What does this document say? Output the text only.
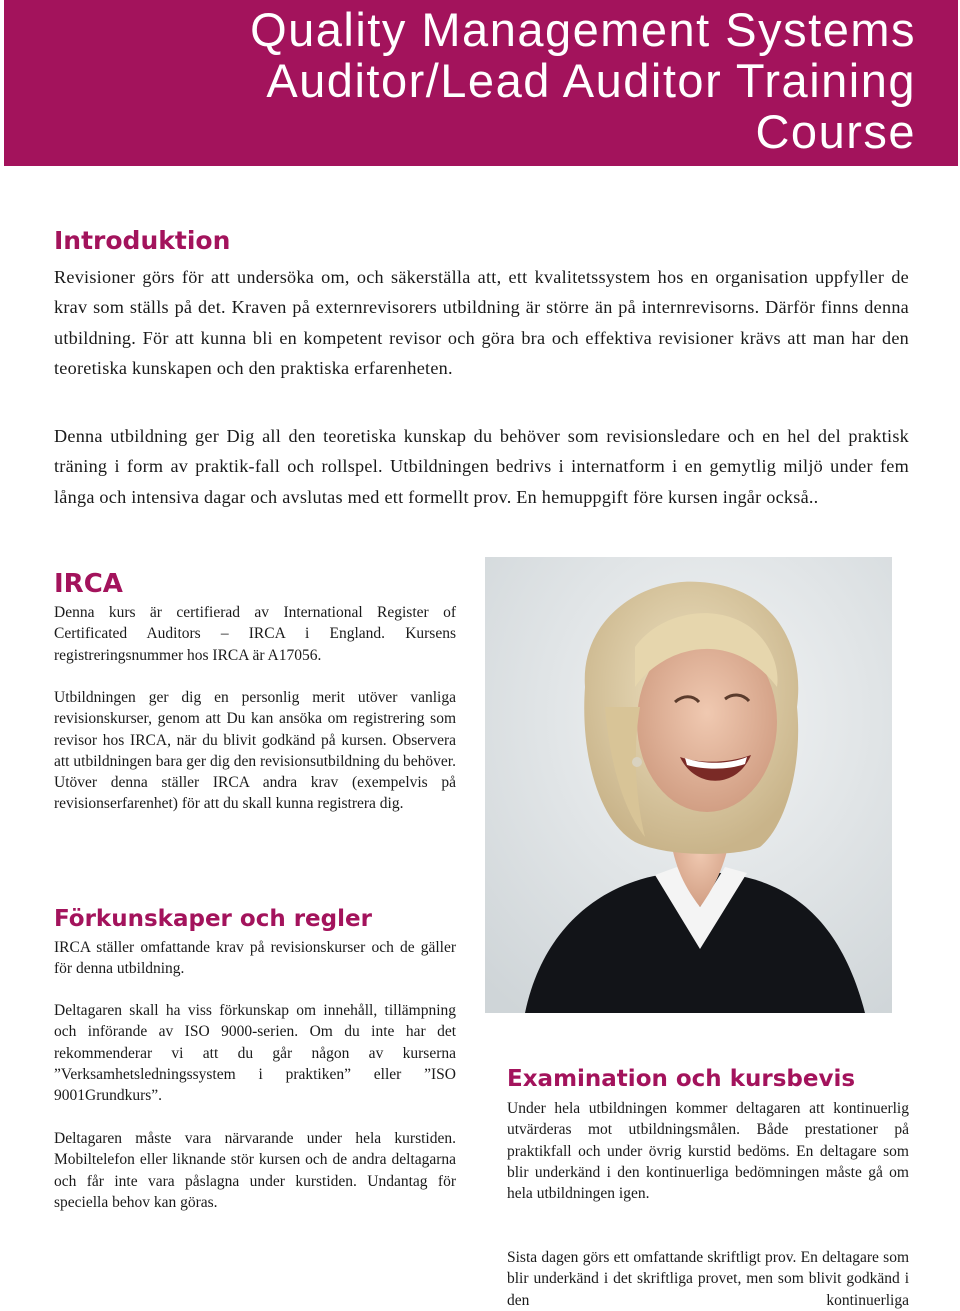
Quality Management Systems
Auditor/Lead Auditor Training
Course
Introduktion

Revisioner görs för att undersöka om, och säkerställa att, ett kvalitetssystem hos en organisation uppfyller de krav som ställs på det. Kraven på externrevisorers utbildning är större än på internrevisorns. Därför finns denna utbildning. För att kunna bli en kompetent revisor och göra bra och effektiva revisioner krävs att man har den teoretiska kunskapen och den praktiska erfarenheten.

Denna utbildning ger Dig all den teoretiska kunskap du behöver som revisionsledare och en hel del praktisk träning i form av praktik-fall och rollspel. Utbildningen bedrivs i internatform i en gemytlig miljö under fem långa och intensiva dagar och avslutas med ett formellt prov. En hemuppgift före kursen ingår också..

IRCA

Denna kurs är certifierad av International Register of Certificated Auditors – IRCA i England. Kursens registreringsnummer hos IRCA är A17056.

Utbildningen ger dig en personlig merit utöver vanliga revisionskurser, genom att Du kan ansöka om registrering som revisor hos IRCA, när du blivit godkänd på kursen. Observera att utbildningen bara ger dig den revisionsutbildning du behöver. Utöver denna ställer IRCA andra krav (exempelvis på revisionserfarenhet) för att du skall kunna registrera dig.

Förkunskaper och regler

IRCA ställer omfattande krav på revisionskurser och de gäller för denna utbildning.

Deltagaren skall ha viss förkunskap om innehåll, tillämpning och införande av ISO 9000-serien. Om du inte har det rekommenderar vi att du går någon av kurserna ”Verksamhetsledningssystem i praktiken” eller ”ISO 9001Grundkurs”.

Deltagaren måste vara närvarande under hela kurstiden. Mobiltelefon eller liknande stör kursen och de andra deltagarna och får inte vara påslagna under kurstiden. Undantag för speciella behov kan göras.

Examination och kursbevis

Under hela utbildningen kommer deltagaren att kontinuerlig utvärderas mot utbildningsmålen. Både prestationer på praktikfall och under övrig kurstid bedöms. En deltagare som blir underkänd i den kontinuerliga bedömningen måste gå om hela utbildningen igen.

Sista dagen görs ett omfattande skriftligt prov. En deltagare som blir underkänd i det skriftliga provet, men som blivit godkänd i den kontinuerliga
